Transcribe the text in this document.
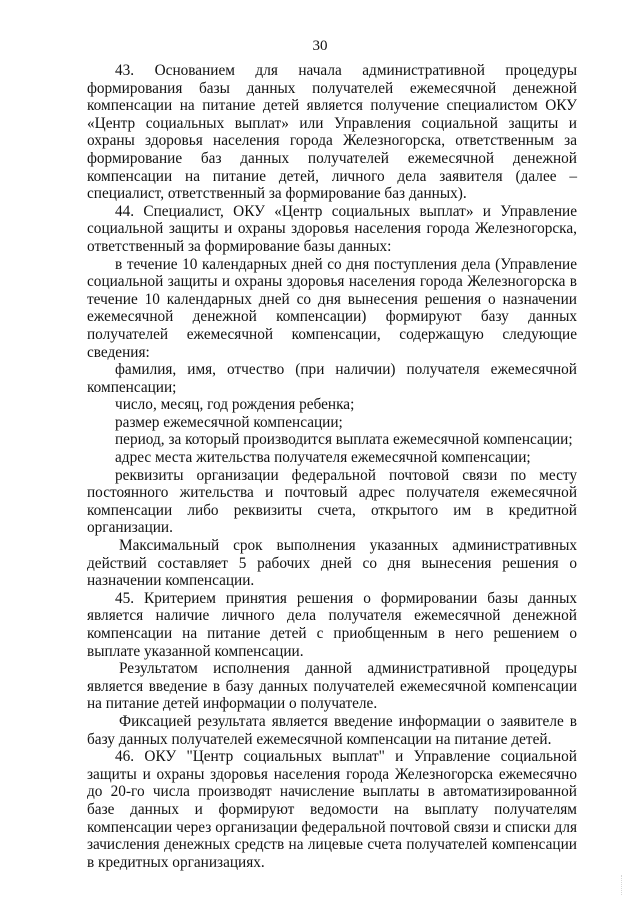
30

43. Основанием для начала административной процедуры формирования базы данных получателей ежемесячной денежной компенсации на питание детей является получение специалистом ОКУ «Центр социальных выплат» или Управления социальной защиты и охраны здоровья населения города Железногорска, ответственным за формирование баз данных получателей ежемесячной денежной компенсации на питание детей, личного дела заявителя (далее – специалист, ответственный за формирование баз данных).

44. Специалист, ОКУ «Центр социальных выплат» и Управление социальной защиты и охраны здоровья населения города Железногорска, ответственный за формирование базы данных:

в течение 10 календарных дней со дня поступления дела (Управление социальной защиты и охраны здоровья населения города Железногорска в течение 10 календарных дней со дня вынесения решения о назначении ежемесячной денежной компенсации) формируют базу данных получателей ежемесячной компенсации, содержащую следующие сведения:

фамилия, имя, отчество (при наличии) получателя ежемесячной компенсации;

число, месяц, год рождения ребенка;

размер ежемесячной компенсации;

период, за который производится выплата ежемесячной компенсации;

адрес места жительства получателя ежемесячной компенсации;

реквизиты организации федеральной почтовой связи по месту постоянного жительства и почтовый адрес получателя ежемесячной компенсации либо реквизиты счета, открытого им в кредитной организации.

Максимальный срок выполнения указанных административных действий составляет 5 рабочих дней со дня вынесения решения о назначении компенсации.

45. Критерием принятия решения о формировании базы данных является наличие личного дела получателя ежемесячной денежной компенсации на питание детей с приобщенным в него решением о выплате указанной компенсации.

Результатом исполнения данной административной процедуры является введение в базу данных получателей ежемесячной компенсации на питание детей информации о получателе.

Фиксацией результата является введение информации о заявителе в базу данных получателей ежемесячной компенсации на питание детей.

46. ОКУ "Центр социальных выплат" и Управление социальной защиты и охраны здоровья населения города Железногорска ежемесячно до 20-го числа производят начисление выплаты в автоматизированной базе данных и формируют ведомости на выплату получателям компенсации через организации федеральной почтовой связи и списки для зачисления денежных средств на лицевые счета получателей компенсации в кредитных организациях.
